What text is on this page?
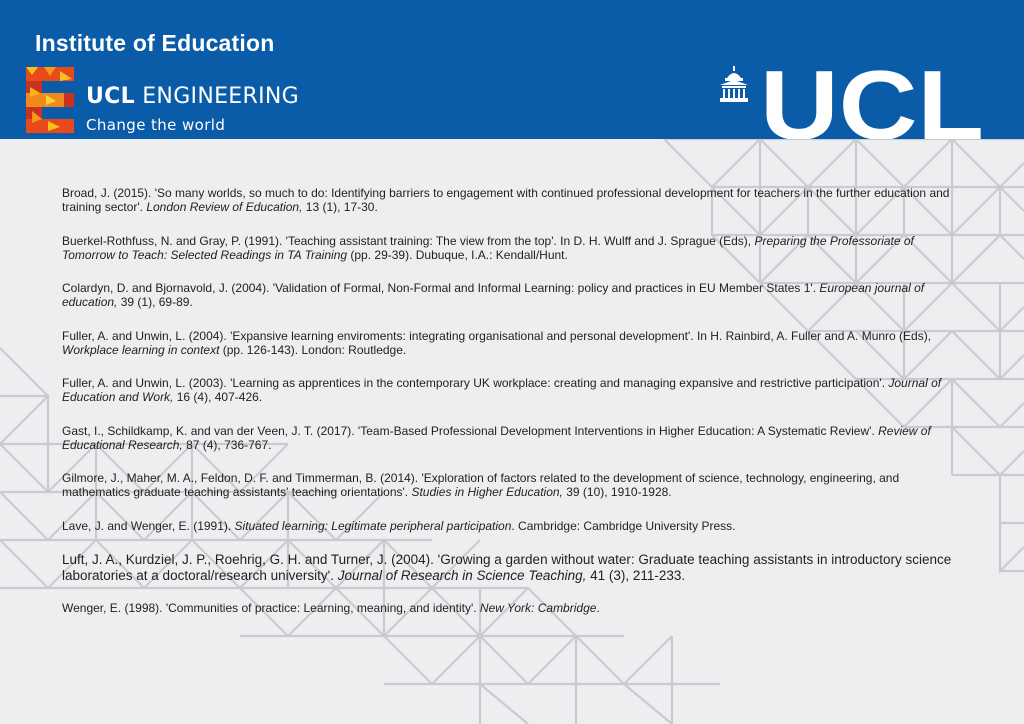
Institute of Education
UCL ENGINEERING
Change the world	UCL
Broad, J. (2015). 'So many worlds, so much to do: Identifying barriers to engagement with continued professional development for teachers in the further education and training sector'. London Review of Education, 13 (1), 17-30.
Buerkel-Rothfuss, N. and Gray, P. (1991). 'Teaching assistant training: The view from the top'. In D. H. Wulff and J. Sprague (Eds), Preparing the Professoriate of Tomorrow to Teach: Selected Readings in TA Training (pp. 29-39). Dubuque, I.A.: Kendall/Hunt.
Colardyn, D. and Bjornavold, J. (2004). 'Validation of Formal, Non-Formal and Informal Learning: policy and practices in EU Member States 1'. European journal of education, 39 (1), 69-89.
Fuller, A. and Unwin, L. (2004). 'Expansive learning enviroments: integrating organisational and personal development'. In H. Rainbird, A. Fuller and A. Munro (Eds), Workplace learning in context (pp. 126-143). London: Routledge.
Fuller, A. and Unwin, L. (2003). 'Learning as apprentices in the contemporary UK workplace: creating and managing expansive and restrictive participation'. Journal of Education and Work, 16 (4), 407-426.
Gast, I., Schildkamp, K. and van der Veen, J. T. (2017). 'Team-Based Professional Development Interventions in Higher Education: A Systematic Review'. Review of Educational Research, 87 (4), 736-767.
Gilmore, J., Maher, M. A., Feldon, D. F. and Timmerman, B. (2014). 'Exploration of factors related to the development of science, technology, engineering, and mathematics graduate teaching assistants' teaching orientations'. Studies in Higher Education, 39 (10), 1910-1928.
Lave, J. and Wenger, E. (1991). Situated learning: Legitimate peripheral participation. Cambridge: Cambridge University Press.
Luft, J. A., Kurdziel, J. P., Roehrig, G. H. and Turner, J. (2004). 'Growing a garden without water: Graduate teaching assistants in introductory science laboratories at a doctoral/research university'. Journal of Research in Science Teaching, 41 (3), 211-233.
Wenger, E. (1998). 'Communities of practice: Learning, meaning, and identity'. New York: Cambridge.
